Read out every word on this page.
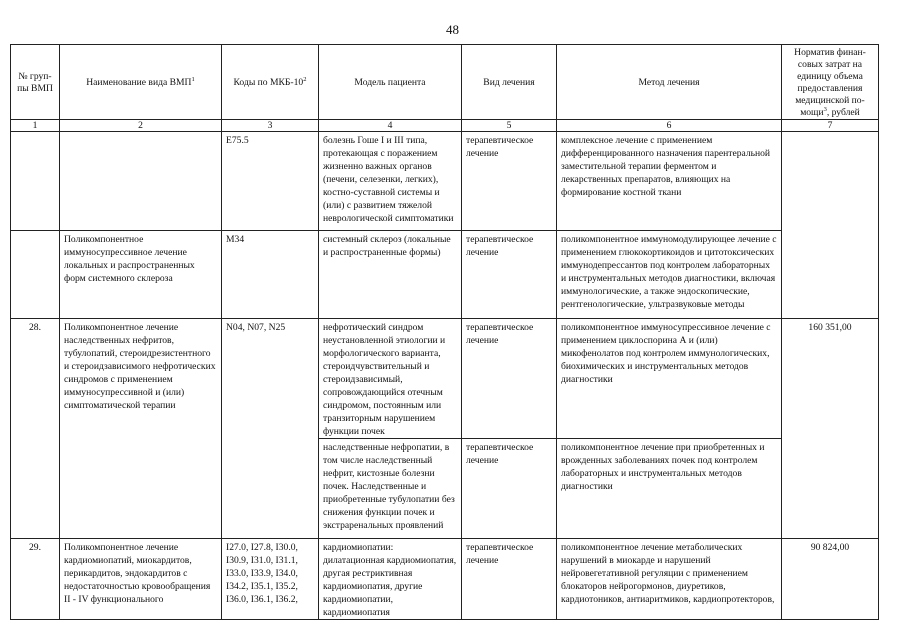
48
№ груп-пы ВМП	Наименование вида ВМП$^1$	Коды по МКБ-$10^2$	Модель пациента	Вид лечения	Метод лечения	Норматив финан-совых затрат на единицу объема предоставления медицинской по-мощи$^3$, рублей
1	2	3	4	5	6	7
		E75.5	болезнь Гоше I и III типа, протекающая с поражением жизненно важных органов (печени, селезенки, легких), костно-суставной системы и (или) с развитием тяжелой неврологической симптоматики	терапевтическое лечение	комплексное лечение с применением дифференцированного назначения парентеральной заместительной терапии ферментом и лекарственных препаратов, влияющих на формирование костной ткани	
	Поликомпонентное иммуносупрессивное лечение локальных и распространенных форм системного склероза	M34	системный склероз (локальные и распространенные формы)	терапевтическое лечение	поликомпонентное иммуномодулирующее лечение с применением глюкокортикоидов и цитотоксических иммунодепрессантов под контролем лабораторных и инструментальных методов диагностики, включая иммунологические, а также эндоскопические, рентгенологические, ультразвуковые методы	
28.	Поликомпонентное лечение наследственных нефритов, тубулопатий, стероидрезистентного и стероидзависимого нефротических синдромов с применением иммуносупрессивной и (или) симптоматической терапии	N04, N07, N25	нефротический синдром неустановленной этиологии и морфологического варианта, стероидчувствительный и стероидзависимый, сопровождающийся отечным синдромом, постоянным или транзиторным нарушением функции почек	терапевтическое лечение	поликомпонентное иммуносупрессивное лечение с применением циклоспорина А и (или) микофенолатов под контролем иммунологических, биохимических и инструментальных методов диагностики	160 351,00
			наследственные нефропатии, в том числе наследственный нефрит, кистозные болезни почек. Наследственные и приобретенные тубулопатии без снижения функции почек и экстраренальных проявлений	терапевтическое лечение	поликомпонентное лечение при приобретенных и врожденных заболеваниях почек под контролем лабораторных и инструментальных методов диагностики	
29.	Поликомпонентное лечение кардиомиопатий, миокардитов, перикардитов, эндокардитов с недостаточностью кровообращения II - IV функционального	I27.0, I27.8, I30.0, I30.9, I31.0, I31.1, I33.0, I33.9, I34.0, I34.2, I35.1, I35.2, I36.0, I36.1, I36.2,	кардиомиопатии: дилатационная кардиомиопатия, другая рестриктивная кардиомиопатия, другие кардиомиопатии, кардиомиопатия	терапевтическое лечение	поликомпонентное лечение метаболических нарушений в миокарде и нарушений нейровегетативной регуляции с применением блокаторов нейрогормонов, диуретиков, кардиотоников, антиаритмиков, кардиопротекторов,	90 824,00
